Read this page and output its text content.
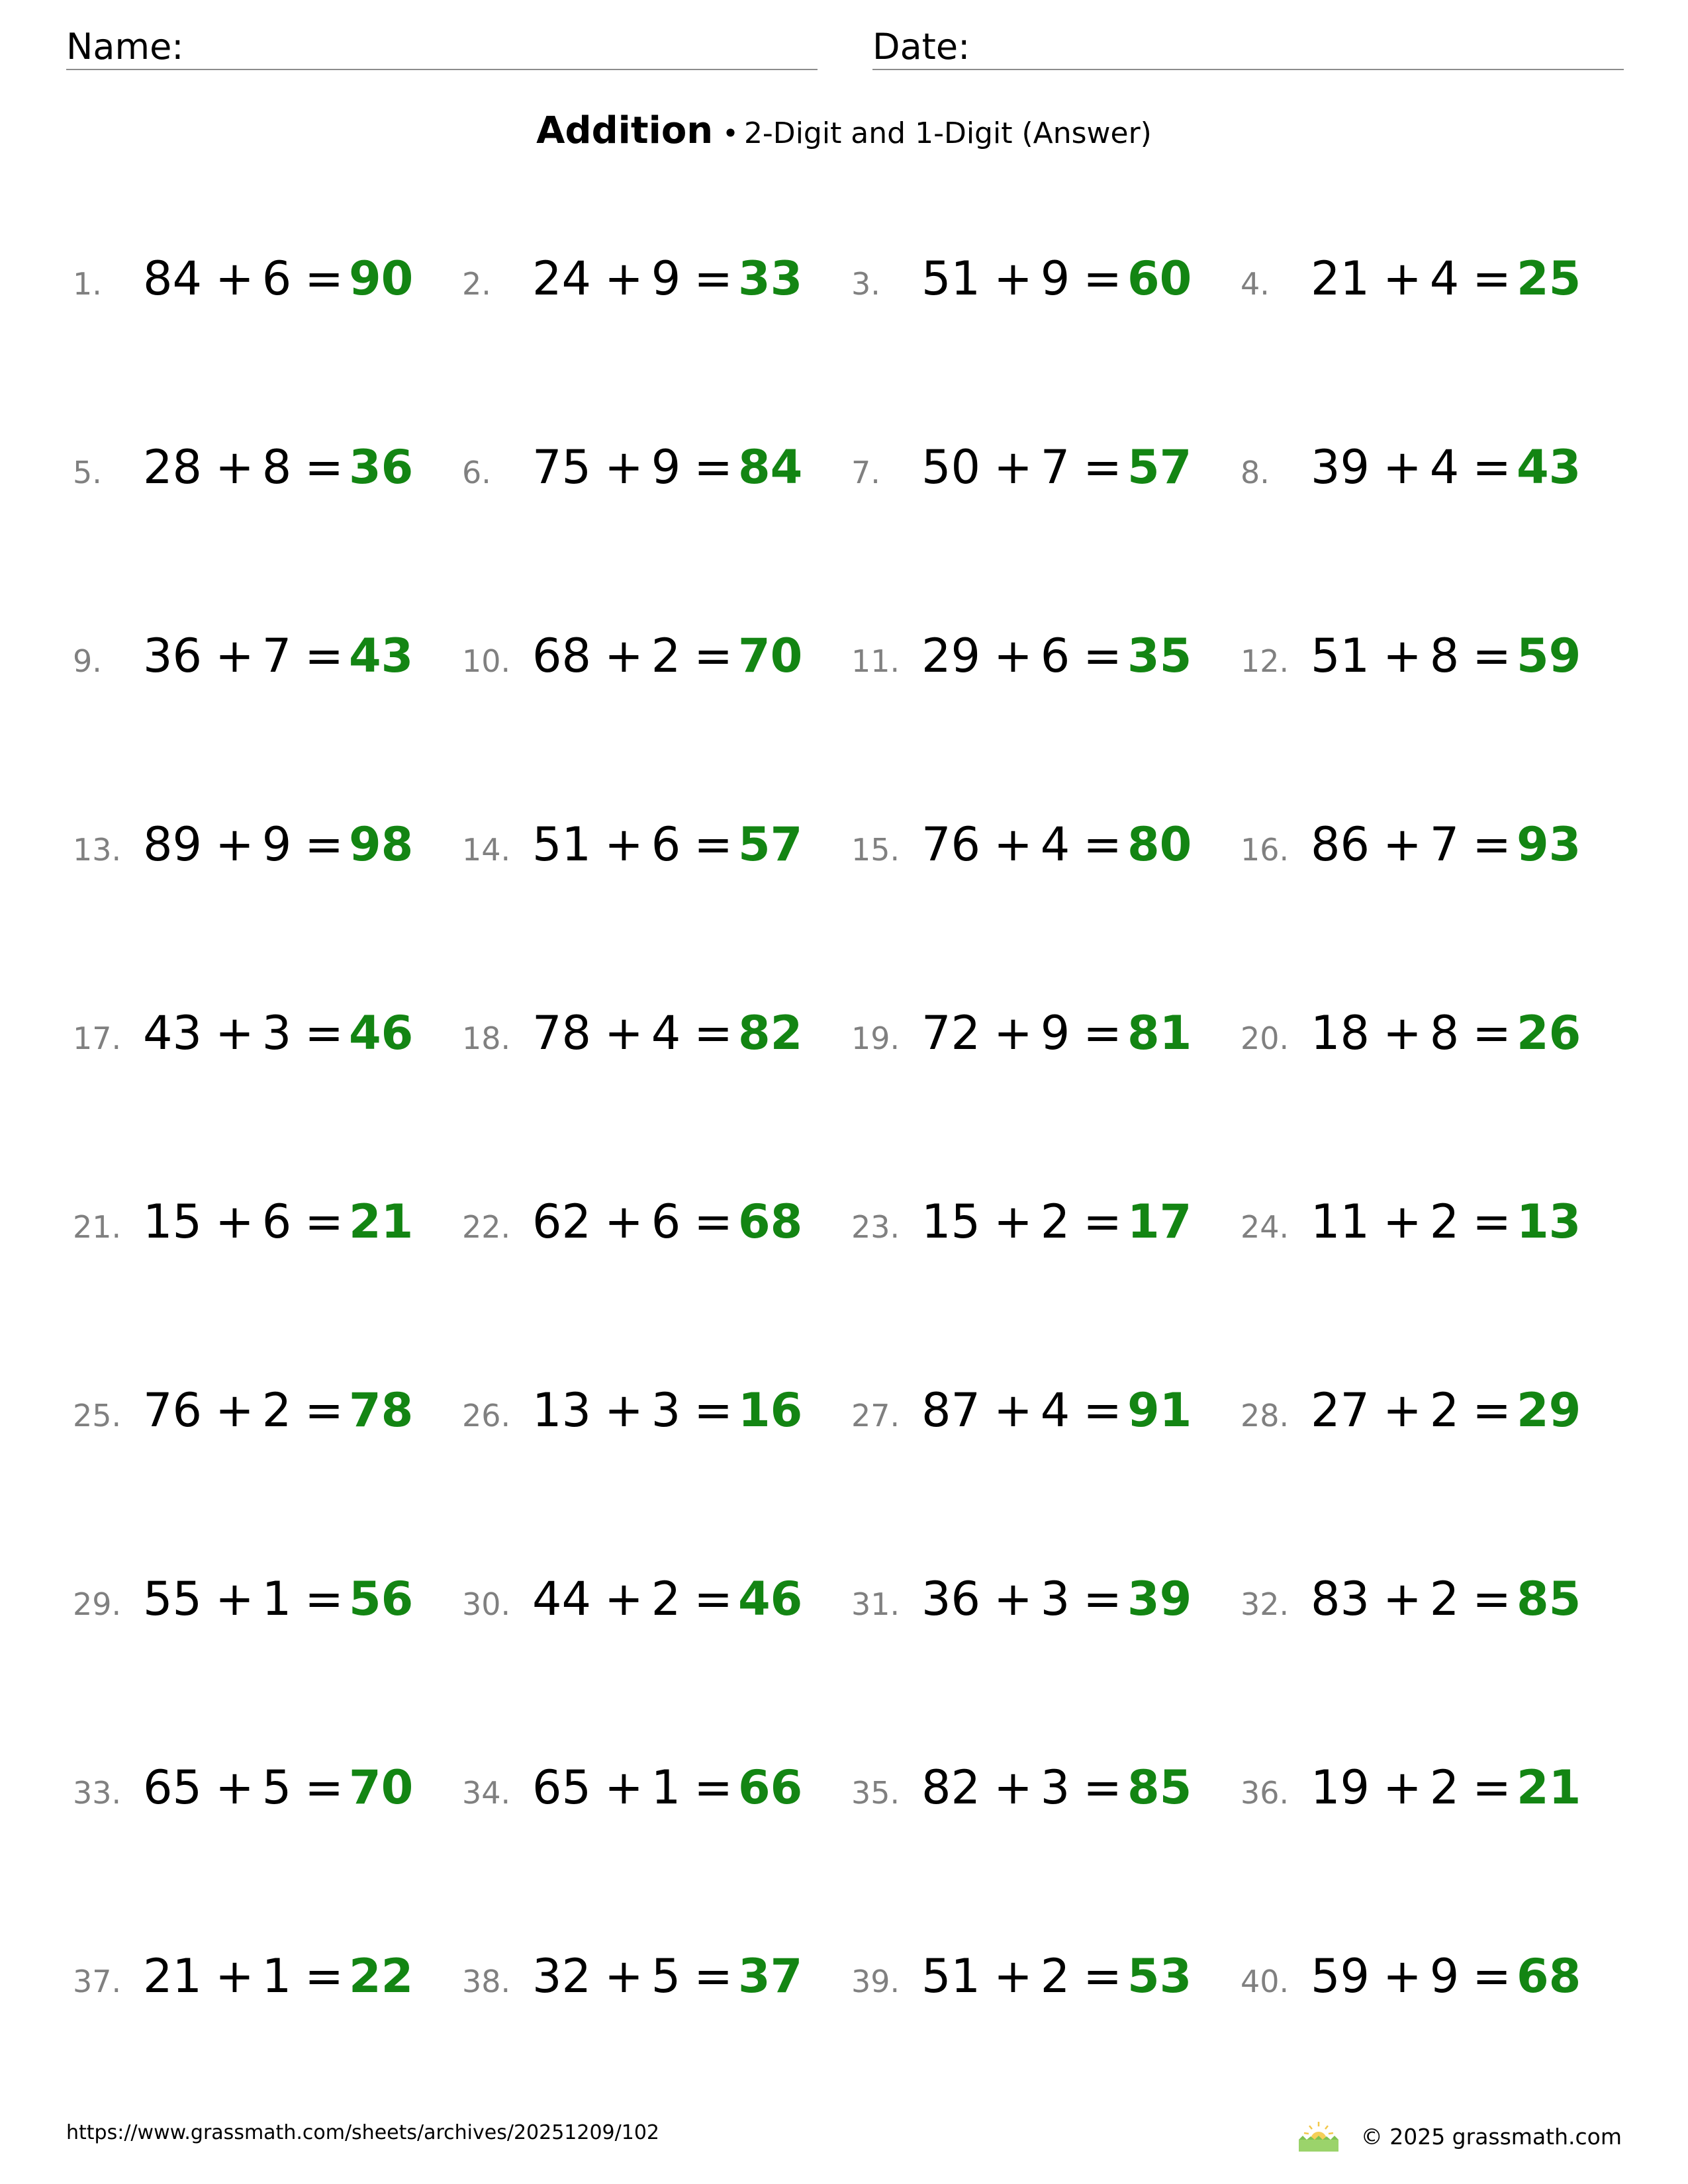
Name:	Date:
Addition • 2-Digit and 1-Digit (Answer)
1. 84 + 6 = 90 2. 24 + 9 = 33 3. 51 + 9 = 60 4. 21 + 4 = 25
5. 28 + 8 = 36 6. 75 + 9 = 84 7. 50 + 7 = 57 8. 39 + 4 = 43
9. 36 + 7 = 43 10. 68 + 2 = 70 11. 29 + 6 = 35 12. 51 + 8 = 59
13. 89 + 9 = 98 14. 51 + 6 = 57 15. 76 + 4 = 80 16. 86 + 7 = 93
17. 43 + 3 = 46 18. 78 + 4 = 82 19. 72 + 9 = 81 20. 18 + 8 = 26
21. 15 + 6 = 21 22. 62 + 6 = 68 23. 15 + 2 = 17 24. 11 + 2 = 13
25. 76 + 2 = 78 26. 13 + 3 = 16 27. 87 + 4 = 91 28. 27 + 2 = 29
29. 55 + 1 = 56 30. 44 + 2 = 46 31. 36 + 3 = 39 32. 83 + 2 = 85
33. 65 + 5 = 70 34. 65 + 1 = 66 35. 82 + 3 = 85 36. 19 + 2 = 21
37. 21 + 1 = 22 38. 32 + 5 = 37 39. 51 + 2 = 53 40. 59 + 9 = 68
https://www.grassmath.com/sheets/archives/20251209/102	© 2025 grassmath.com
